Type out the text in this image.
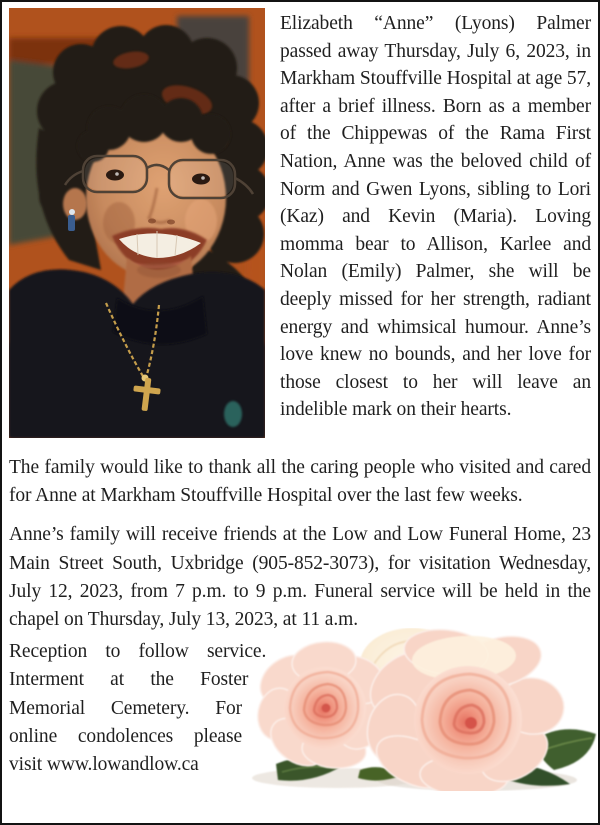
Elizabeth “Anne” (Lyons) Palmer passed away Thursday, July 6, 2023, in Markham Stouffville Hospital at age 57, after a brief illness. Born as a member of the Chippewas of the Rama First Nation, Anne was the beloved child of Norm and Gwen Lyons, sibling to Lori (Kaz) and Kevin (Maria). Loving momma bear to Allison, Karlee and Nolan (Emily) Palmer, she will be deeply missed for her strength, radiant energy and whimsical humour. Anne’s love knew no bounds, and her love for those closest to her will leave an indelible mark on their hearts.

The family would like to thank all the caring people who visited and cared for Anne at Markham Stouffville Hospital over the last few weeks.

Anne’s family will receive friends at the Low and Low Funeral Home, 23 Main Street South, Uxbridge (905-852-3073), for visitation Wednesday, July 12, 2023, from 7 p.m. to 9 p.m. Funeral service will be held in the chapel on Thursday, July 13, 2023, at 11 a.m.

Reception to follow service. Interment at the Foster Memorial Cemetery. For online condolences please visit www.lowandlow.ca
